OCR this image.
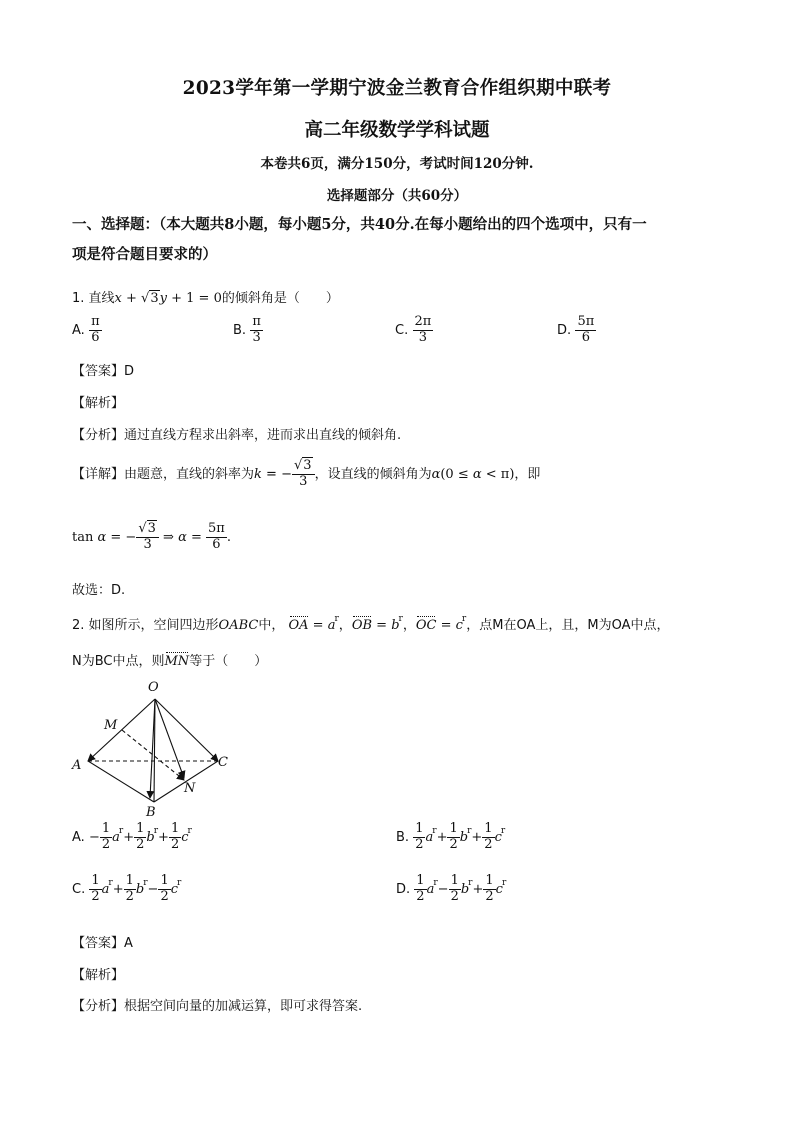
2023学年第一学期宁波金兰教育合作组织期中联考
高二年级数学学科试题
本卷共6页，满分150分，考试时间120分钟.
选择题部分（共60分）
一、选择题：（本大题共8小题，每小题5分，共40分.在每小题给出的四个选项中，只有一
项是符合题目要求的）
1. 直线x + √3y + 1 = 0的倾斜角是（　　）
A. $\frac{\pi}{6}$	B. $\frac{\pi}{3}$	C. $\frac{2\pi}{3}$	D. $\frac{5\pi}{6}$
【答案】D
【解析】
【分析】通过直线方程求出斜率，进而求出直线的倾斜角.
【详解】由题意，直线的斜率为k = − $\frac{√3}{3}$ ，设直线的倾斜角为α(0 ≤ α < π)，即
tan α = − $\frac{√3}{3}$ ⇒ $\alpha = \frac{5\pi}{6}$ .
故选：D.
2. 如图所示，空间四边形OABC中， OA = $a^r$，OB = $b^r$，OC = $c^r$，点M在OA上，且，M为OA中点，
N为BC中点，则MN等于（　　）
O
M
A	C
N
B
A. − $\frac{1}{2} a^r+ \frac{1}{2} b^r+ \frac{1}{2} c^r$	B. $\frac{1}{2} a^r+ \frac{1}{2} b^r+ \frac{1}{2} c^r$
C. $\frac{1}{2} a^r+ \frac{1}{2} b^r- \frac{1}{2} c^r$	D. $\frac{1}{2} a^r- \frac{1}{2} b^r+ \frac{1}{2} c^r$
【答案】A
【解析】
【分析】根据空间向量的加减运算，即可求得答案.
